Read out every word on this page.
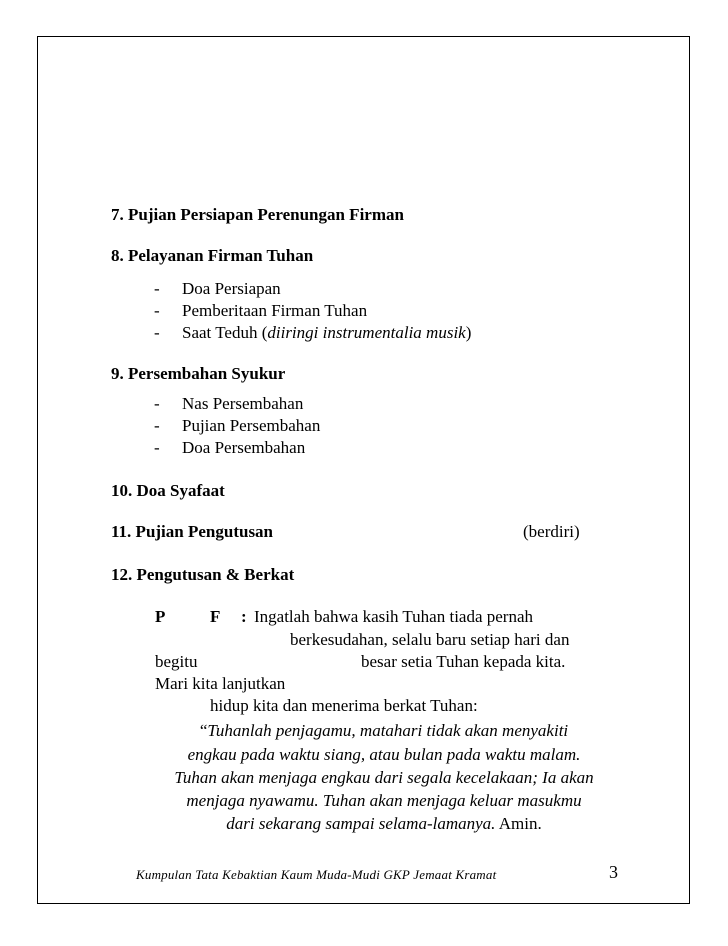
7. Pujian Persiapan Perenungan Firman
8. Pelayanan Firman Tuhan
- Doa Persiapan
- Pemberitaan Firman Tuhan
- Saat Teduh (diiringi instrumentalia musik)
9. Persembahan Syukur
- Nas Persembahan
- Pujian Persembahan
- Doa Persembahan
10. Doa Syafaat
11. Pujian Pengutusan	(berdiri)
12. Pengutusan & Berkat
P	F : Ingatlah bahwa kasih Tuhan tiada pernah
berkesudahan, selalu baru setiap hari dan
begitu	besar setia Tuhan kepada kita.
Mari kita lanjutkan
hidup kita dan menerima berkat Tuhan:
“Tuhanlah penjagamu, matahari tidak akan menyakiti
engkau pada waktu siang, atau bulan pada waktu malam.
Tuhan akan menjaga engkau dari segala kecelakaan; Ia akan
menjaga nyawamu. Tuhan akan menjaga keluar masukmu
dari sekarang sampai selama-lamanya. Amin.
Kumpulan Tata Kebaktian Kaum Muda-Mudi GKP Jemaat Kramat	3
